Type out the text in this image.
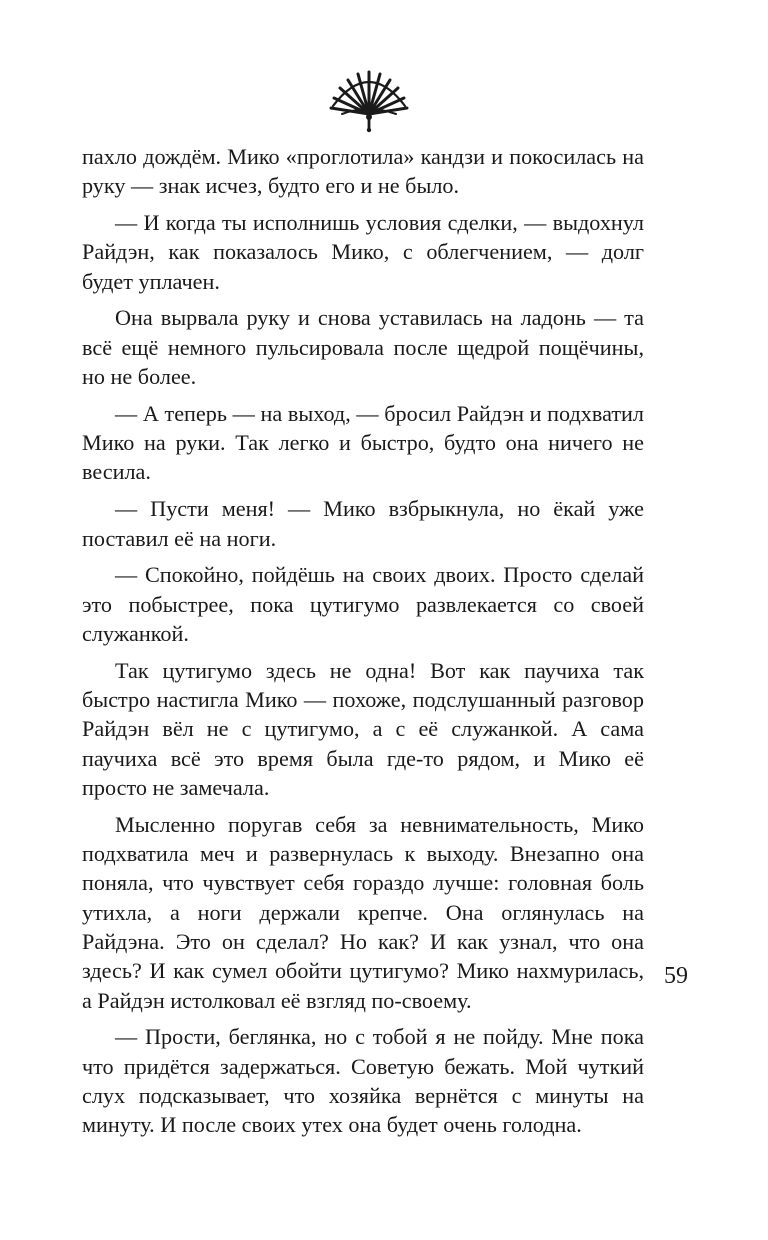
пахло дождём. Мико «проглотила» кандзи и покосилась на руку — знак исчез, будто его и не было.

— И когда ты исполнишь условия сделки, — выдохнул Райдэн, как показалось Мико, с облегчением, — долг будет уплачен.

Она вырвала руку и снова уставилась на ладонь — та всё ещё немного пульсировала после щедрой пощёчины, но не более.

— А теперь — на выход, — бросил Райдэн и подхватил Мико на руки. Так легко и быстро, будто она ничего не весила.

— Пусти меня! — Мико взбрыкнула, но ёкай уже поставил её на ноги.

— Спокойно, пойдёшь на своих двоих. Просто сделай это побыстрее, пока цутигумо развлекается со своей служанкой.

Так цутигумо здесь не одна! Вот как паучиха так быстро настигла Мико — похоже, подслушанный разговор Райдэн вёл не с цутигумо, а с её служанкой. А сама паучиха всё это время была где-то рядом, и Мико её просто не замечала.

Мысленно поругав себя за невнимательность, Мико подхватила меч и развернулась к выходу. Внезапно она поняла, что чувствует себя гораздо лучше: головная боль утихла, а ноги держали крепче. Она оглянулась на Райдэна. Это он сделал? Но как? И как узнал, что она здесь? И как сумел обойти цутигумо? Мико нахмурилась, а Райдэн истолковал её взгляд по-своему.

— Прости, беглянка, но с тобой я не пойду. Мне пока что придётся задержаться. Советую бежать. Мой чуткий слух подсказывает, что хозяйка вернётся с минуты на минуту. И после своих утех она будет очень голодна.

59
